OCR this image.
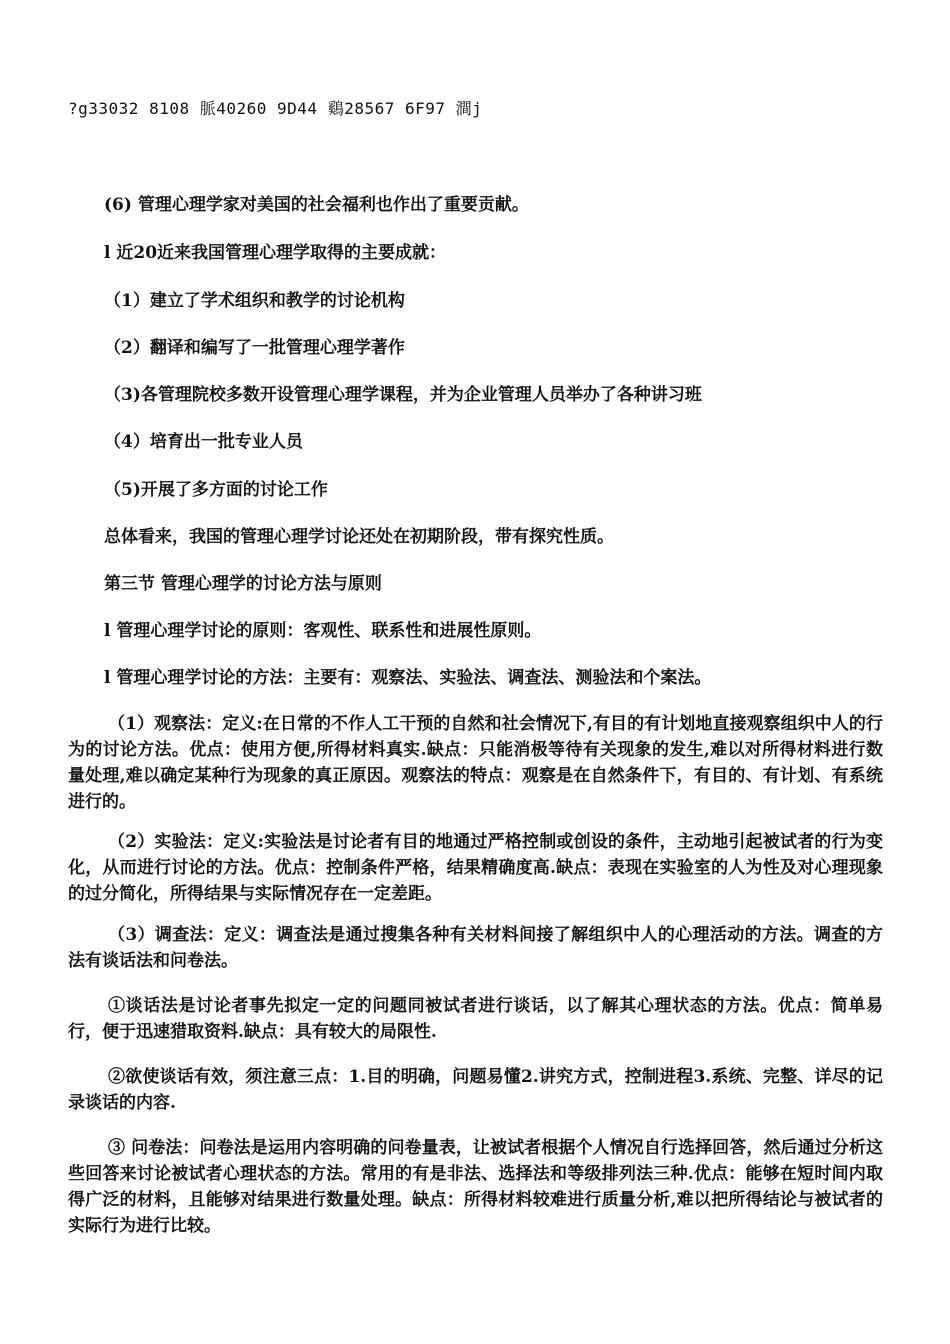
?g33032 8108 脈40260 9D44 鷄28567 6F97 澗j
(6) 管理心理学家对美国的社会福利也作出了重要贡献。
l 近20近来我国管理心理学取得的主要成就：
（1）建立了学术组织和教学的讨论机构
（2）翻译和编写了一批管理心理学著作
（3)各管理院校多数开设管理心理学课程，并为企业管理人员举办了各种讲习班
（4）培育出一批专业人员
（5)开展了多方面的讨论工作
总体看来，我国的管理心理学讨论还处在初期阶段，带有探究性质。
第三节 管理心理学的讨论方法与原则
l 管理心理学讨论的原则：客观性、联系性和进展性原则。
l 管理心理学讨论的方法：主要有：观察法、实验法、调查法、测验法和个案法。
（1）观察法：定义:在日常的不作人工干预的自然和社会情况下,有目的有计划地直接观察组织中人的行为的讨论方法。优点：使用方便,所得材料真实.缺点：只能消极等待有关现象的发生,难以对所得材料进行数量处理,难以确定某种行为现象的真正原因。观察法的特点：观察是在自然条件下，有目的、有计划、有系统进行的。
（2）实验法：定义:实验法是讨论者有目的地通过严格控制或创设的条件，主动地引起被试者的行为变化，从而进行讨论的方法。优点：控制条件严格，结果精确度高.缺点：表现在实验室的人为性及对心理现象的过分简化，所得结果与实际情况存在一定差距。
（3）调查法：定义：调查法是通过搜集各种有关材料间接了解组织中人的心理活动的方法。调查的方法有谈话法和问卷法。
①谈话法是讨论者事先拟定一定的问题同被试者进行谈话，以了解其心理状态的方法。优点：简单易行，便于迅速猎取资料.缺点：具有较大的局限性.
②欲使谈话有效，须注意三点：1.目的明确，问题易懂2.讲究方式，控制进程3.系统、完整、详尽的记录谈话的内容.
③ 问卷法：问卷法是运用内容明确的问卷量表，让被试者根据个人情况自行选择回答，然后通过分析这些回答来讨论被试者心理状态的方法。常用的有是非法、选择法和等级排列法三种.优点：能够在短时间内取得广泛的材料，且能够对结果进行数量处理。缺点：所得材料较难进行质量分析,难以把所得结论与被试者的实际行为进行比较。
